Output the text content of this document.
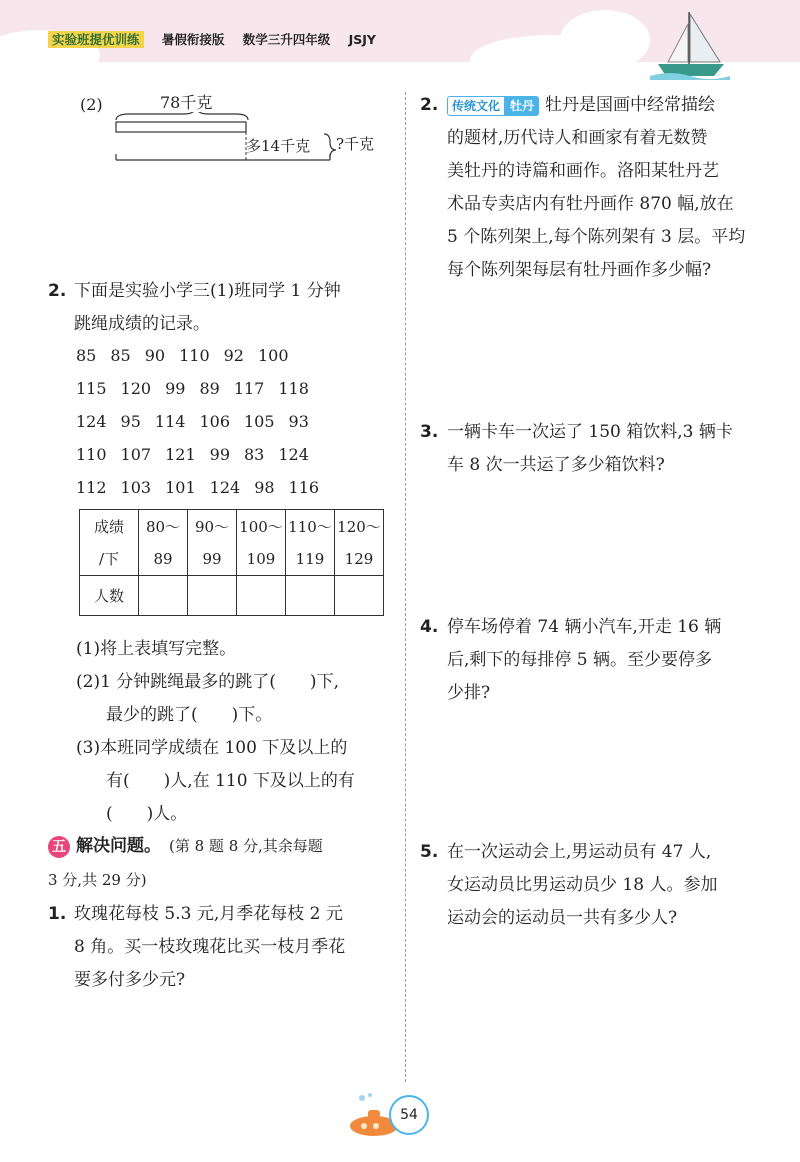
实验班提优训练 暑假衔接版 数学三升四年级 JSJY
(2)	78千克
多14千克 ?千克
2. 下面是实验小学三(1)班同学 1 分钟
跳绳成绩的记录。
85 85 90 110 92 100
115 120 99 89 117 118
124 95 114 106 105 93
110 107 121 99 83 124
112 103 101 124 98 116
成绩	80～	90～	100～	110～	120～
/下	89	99	109	119	129
人数					
(1)将上表填写完整。
(2)1 分钟跳绳最多的跳了(　　)下,
最少的跳了(　　)下。
(3)本班同学成绩在 100 下及以上的
有(　　)人,在 110 下及以上的有
(　　)人。
五 解决问题。 (第 8 题 8 分,其余每题
3 分,共 29 分)
1. 玫瑰花每枝 5.3 元,月季花每枝 2 元
8 角。买一枝玫瑰花比买一枝月季花
要多付多少元?
2.	传统文化 牡丹 牡丹是国画中经常描绘
的题材,历代诗人和画家有着无数赞
美牡丹的诗篇和画作。洛阳某牡丹艺
术品专卖店内有牡丹画作 870 幅,放在
5 个陈列架上,每个陈列架有 3 层。平均
每个陈列架每层有牡丹画作多少幅?
3. 一辆卡车一次运了 150 箱饮料,3 辆卡
车 8 次一共运了多少箱饮料?
4. 停车场停着 74 辆小汽车,开走 16 辆
后,剩下的每排停 5 辆。至少要停多
少排?
5. 在一次运动会上,男运动员有 47 人,
女运动员比男运动员少 18 人。参加
运动会的运动员一共有多少人?
54
